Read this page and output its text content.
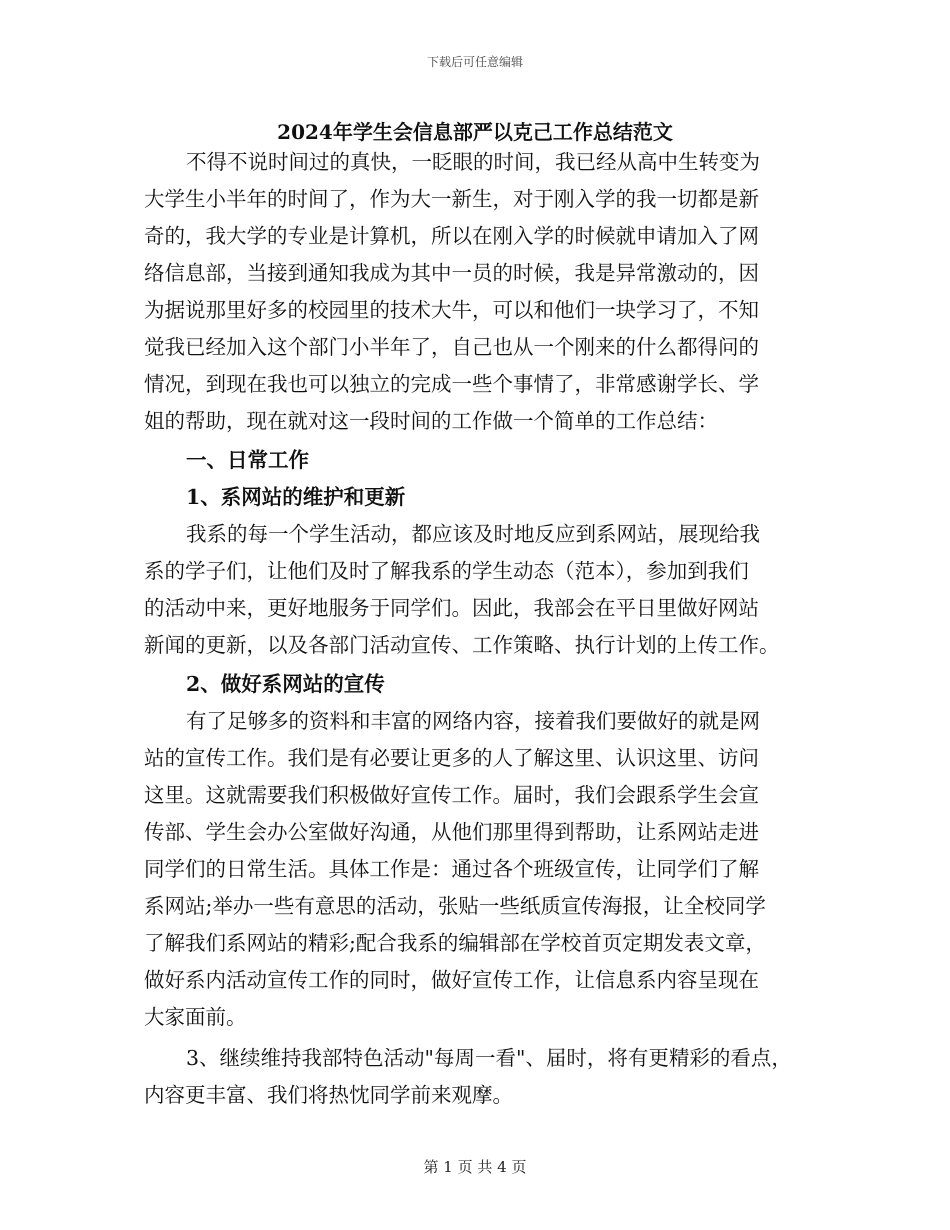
下载后可任意编辑
2024年学生会信息部严以克己工作总结范文
不得不说时间过的真快，一眨眼的时间，我已经从高中生转变为
大学生小半年的时间了，作为大一新生，对于刚入学的我一切都是新
奇的，我大学的专业是计算机，所以在刚入学的时候就申请加入了网
络信息部，当接到通知我成为其中一员的时候，我是异常激动的，因
为据说那里好多的校园里的技术大牛，可以和他们一块学习了，不知
觉我已经加入这个部门小半年了，自己也从一个刚来的什么都得问的
情况，到现在我也可以独立的完成一些个事情了，非常感谢学长、学
姐的帮助，现在就对这一段时间的工作做一个简单的工作总结：
一、日常工作
1、系网站的维护和更新
我系的每一个学生活动，都应该及时地反应到系网站，展现给我
系的学子们，让他们及时了解我系的学生动态（范本），参加到我们
的活动中来，更好地服务于同学们。因此，我部会在平日里做好网站
新闻的更新，以及各部门活动宣传、工作策略、执行计划的上传工作。
2、做好系网站的宣传
有了足够多的资料和丰富的网络内容，接着我们要做好的就是网
站的宣传工作。我们是有必要让更多的人了解这里、认识这里、访问
这里。这就需要我们积极做好宣传工作。届时，我们会跟系学生会宣
传部、学生会办公室做好沟通，从他们那里得到帮助，让系网站走进
同学们的日常生活。具体工作是：通过各个班级宣传，让同学们了解
系网站;举办一些有意思的活动，张贴一些纸质宣传海报，让全校同学
了解我们系网站的精彩;配合我系的编辑部在学校首页定期发表文章，
做好系内活动宣传工作的同时，做好宣传工作，让信息系内容呈现在
大家面前。
3、继续维持我部特色活动"每周一看"、届时，将有更精彩的看点，
内容更丰富、我们将热忱同学前来观摩。
第 1 页 共 4 页
